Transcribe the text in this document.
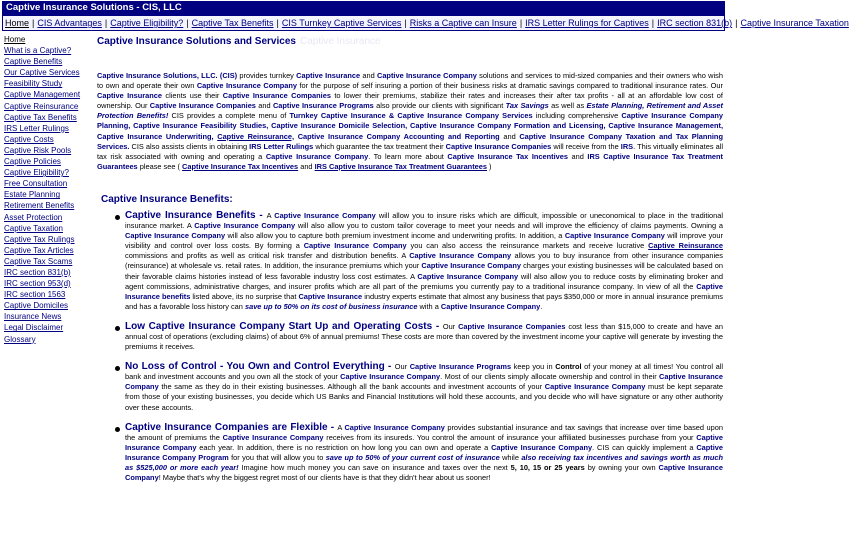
Captive Insurance Solutions - CIS, LLC
Home | CIS Advantages | Captive Eligibility? | Captive Tax Benefits | CIS Turnkey Captive Services | Risks a Captive can Insure | IRS Letter Rulings for Captives | IRC section 831(b) | Captive Insurance Taxation
Home
What is a Captive?
Captive Benefits
Our Captive Services
Feasibility Study
Captive Management
Captive Reinsurance
Captive Tax Benefits
IRS Letter Rulings
Captive Costs
Captive Risk Pools
Captive Policies
Captive Eligibility?
Free Consultation
Estate Planning
Retirement Benefits
Asset Protection
Captive Taxation
Captive Tax Rulings
Captive Tax Articles
Captive Tax Scams
IRC section 831(b)
IRC section 953(d)
IRC section 1563
Captive Domiciles
Insurance News
Legal Disclaimer
Glossary
Captive Insurance Solutions and Services Captive Insurance

Captive Insurance Solutions, LLC. (CIS) provides turnkey Captive Insurance and Captive Insurance Company solutions and services to mid-sized companies and their owners who wish to own and operate their own Captive Insurance Company for the purpose of self insuring a portion of their business risks at dramatic savings compared to traditional insurance rates. Our Captive Insurance clients use their Captive Insurance Companies to lower their premiums, stabilize their rates and increases their after tax profits - all at an affordable low cost of ownership. Our Captive Insurance Companies and Captive Insurance Programs also provide our clients with significant Tax Savings as well as Estate Planning, Retirement and Asset Protection Benefits! CIS provides a complete menu of Turnkey Captive Insurance & Captive Insurance Company Services including comprehensive Captive Insurance Company Planning, Captive Insurance Feasibility Studies, Captive Insurance Domicile Selection, Captive Insurance Company Formation and Licensing, Captive Insurance Management, Captive Insurance Underwriting, Captive Reinsurance, Captive Insurance Company Accounting and Reporting and Captive Insurance Company Taxation and Tax Planning Services. CIS also assists clients in obtaining IRS Letter Rulings which guarantee the tax treatment their Captive Insurance Companies will receive from the IRS. This virtually eliminates all tax risk associated with owning and operating a Captive Insurance Company. To learn more about Captive Insurance Tax Incentives and IRS Captive Insurance Tax Treatment Guarantees please see ( Captive Insurance Tax Incentives and IRS Captive Insurance Tax Treatment Guarantees )

Captive Insurance Benefits:
Captive Insurance Benefits - A Captive Insurance Company will allow you to insure risks which are difficult, impossible or uneconomical to place in the traditional insurance market. A Captive Insurance Company will also allow you to custom tailor coverage to meet your needs and will improve the efficiency of claims payments. Owning a Captive Insurance Company will also allow you to capture both premium investment income and underwriting profits. In addition, a Captive Insurance Company will improve your visibility and control over loss costs. By forming a Captive Insurance Company you can also access the reinsurance markets and receive lucrative Captive Reinsurance commissions and profits as well as critical risk transfer and distribution benefits. A Captive Insurance Company allows you to buy insurance from other insurance companies (reinsurance) at wholesale vs. retail rates. In addition, the insurance premiums which your Captive Insurance Company charges your existing businesses will be calculated based on their favorable claims histories instead of less favorable industry loss cost estimates. A Captive Insurance Company will also allow you to reduce costs by eliminating broker and agent commissions, administrative charges, and insurer profits which are all part of the premiums you currently pay to a traditional insurance company. In view of all the Captive Insurance benefits listed above, its no surprise that Captive Insurance industry experts estimate that almost any business that pays $350,000 or more in annual insurance premiums and has a favorable loss history can save up to 50% on its cost of business insurance with a Captive Insurance Company.
Low Captive Insurance Company Start Up and Operating Costs - Our Captive Insurance Companies cost less than $15,000 to create and have an annual cost of operations (excluding claims) of about 6% of annual premiums! These costs are more than covered by the investment income your captive will generate by investing the premiums it receives.
No Loss of Control - You Own and Control Everything - Our Captive Insurance Programs keep you in Control of your money at all times! You control all bank and investment accounts and you own all the stock of your Captive Insurance Company. Most of our clients simply allocate ownership and control in their Captive Insurance Company the same as they do in their existing businesses. Although all the bank accounts and investment accounts of your Captive Insurance Company must be kept separate from those of your existing businesses, you decide which US Banks and Financial Institutions will hold these accounts, and you decide who will have signature or any other authority over these accounts.
Captive Insurance Companies are Flexible - A Captive Insurance Company provides substantial insurance and tax savings that increase over time based upon the amount of premiums the Captive Insurance Company receives from its insureds. You control the amount of insurance your affiliated businesses purchase from your Captive Insurance Company each year. In addition, there is no restriction on how long you can own and operate a Captive Insurance Company. CIS can quickly implement a Captive Insurance Company Program for you that will allow you to save up to 50% of your current cost of insurance while also receiving tax incentives and savings worth as much as $525,000 or more each year! Imagine how much money you can save on insurance and taxes over the next 5, 10, 15 or 25 years by owning your own Captive Insurance Company! Maybe that's why the biggest regret most of our clients have is that they didn't hear about us sooner!
